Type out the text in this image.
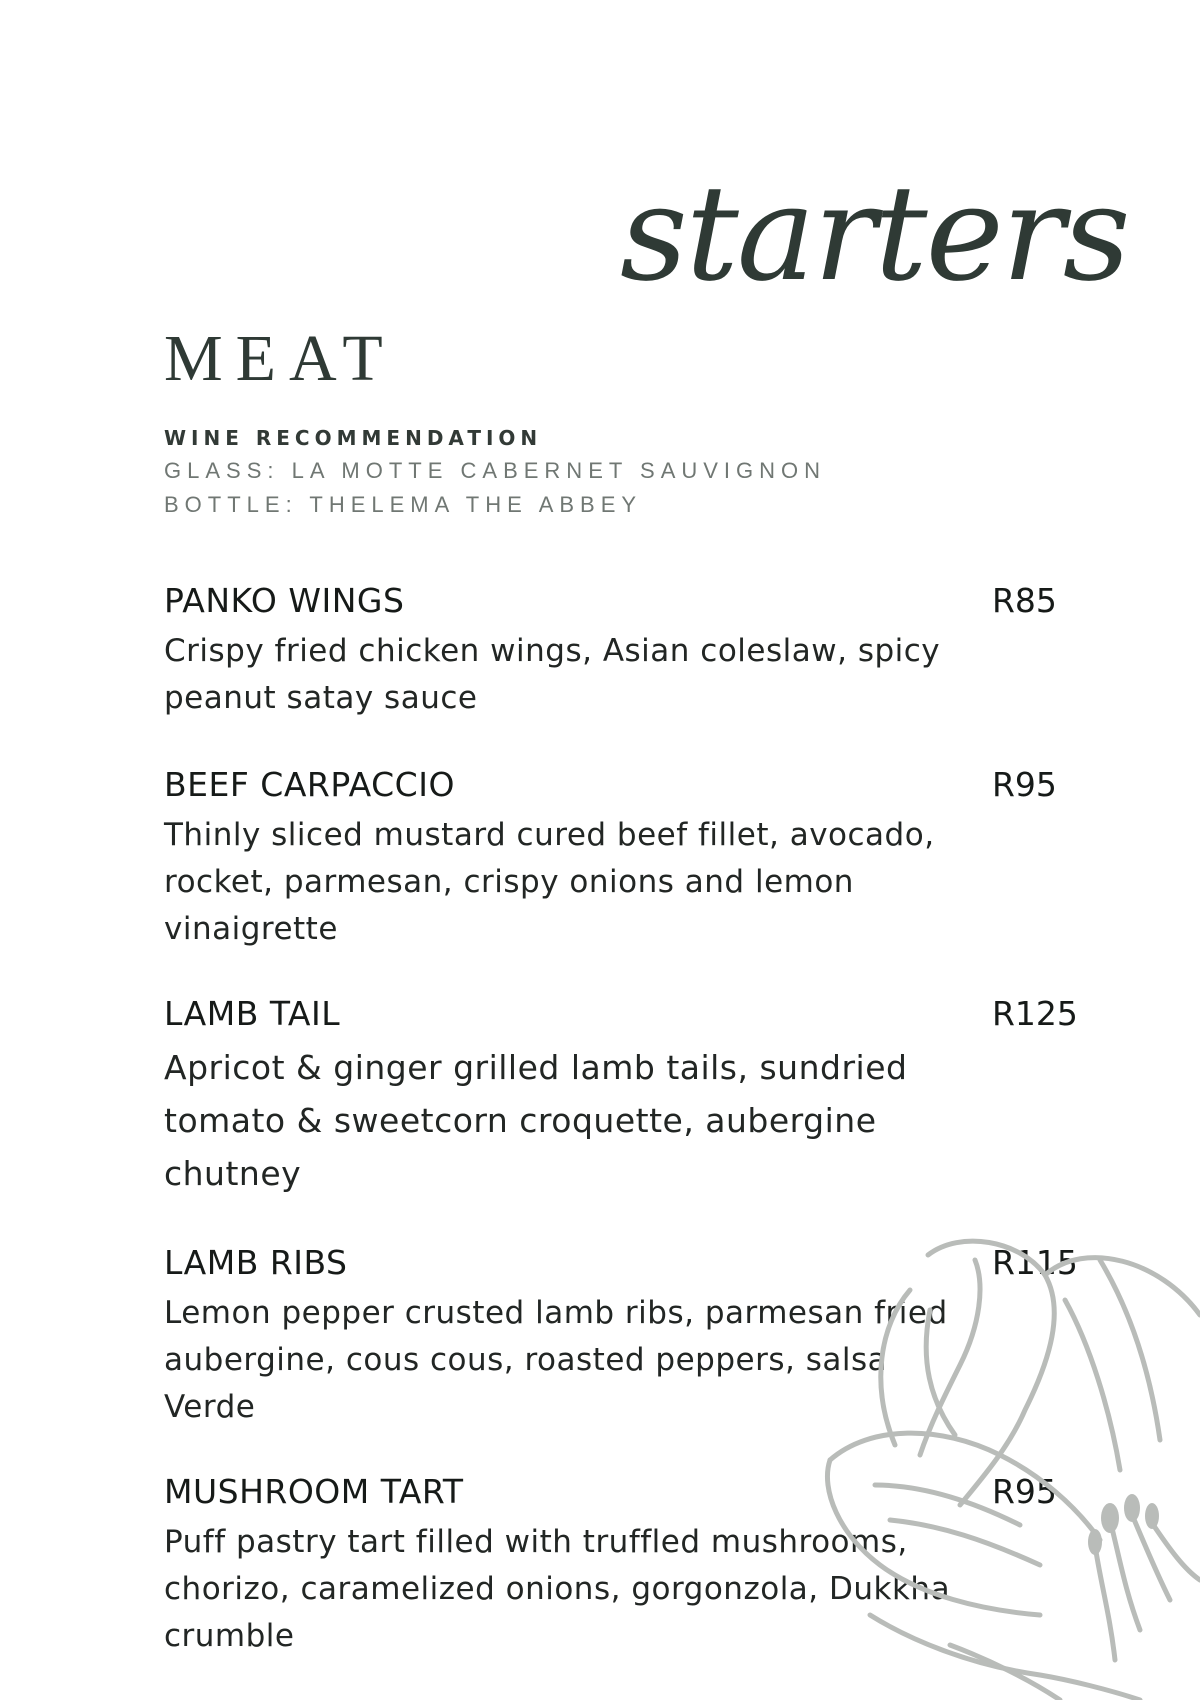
starters
MEAT
WINE RECOMMENDATION
GLASS: LA MOTTE CABERNET SAUVIGNON
BOTTLE: THELEMA THE ABBEY
PANKO WINGS	R85
Crispy fried chicken wings, Asian coleslaw, spicy peanut satay sauce
BEEF CARPACCIO	R95
Thinly sliced mustard cured beef fillet, avocado, rocket, parmesan, crispy onions and lemon vinaigrette
LAMB TAIL	R125
Apricot & ginger grilled lamb tails, sundried tomato & sweetcorn croquette, aubergine chutney
LAMB RIBS	R115
Lemon pepper crusted lamb ribs, parmesan fried aubergine, cous cous, roasted peppers, salsa Verde
MUSHROOM TART	R95
Puff pastry tart filled with truffled mushrooms, chorizo, caramelized onions, gorgonzola, Dukkha crumble
